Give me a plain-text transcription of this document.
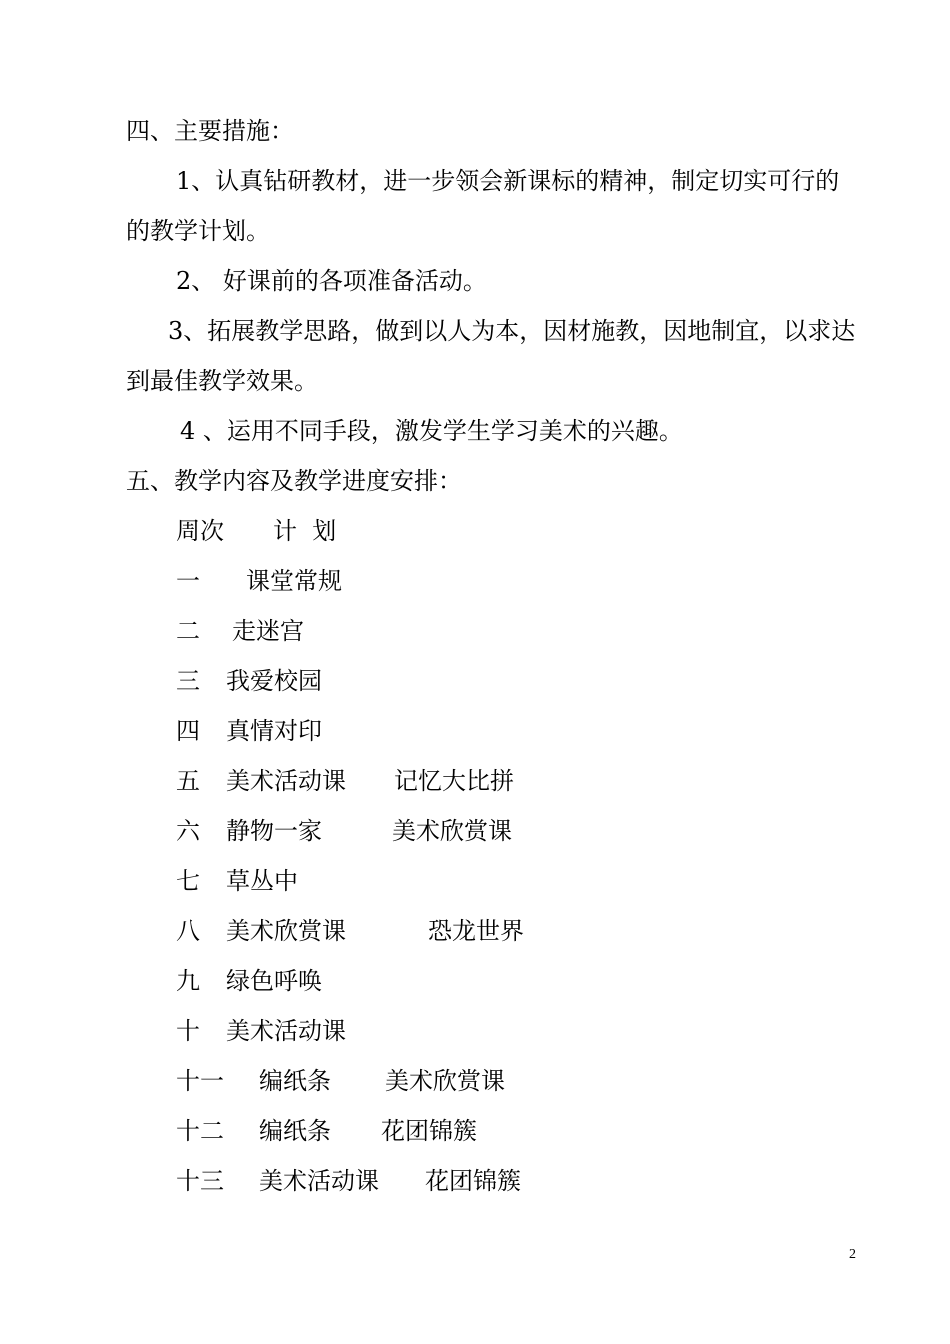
四、主要措施：
1、认真钻研教材，进一步领会新课标的精神，制定切实可行的
的教学计划。
2、 好课前的各项准备活动。
3、拓展教学思路，做到以人为本，因材施教，因地制宜，以求达
到最佳教学效果。
4 、运用不同手段，激发学生学习美术的兴趣。
五、教学内容及教学进度安排：

周次

计  划

一

课堂常规

二

走迷宫

三

我爱校园

四

真情对印

五

美术活动课

记忆大比拼

六

静物一家

	美术欣赏课

七

草丛中

八

美术欣赏课

	恐龙世界

九

绿色呼唤

十

美术活动课

十一

编纸条

美术欣赏课

十二

编纸条

花团锦簇

十三

美术活动课

花团锦簇

2
